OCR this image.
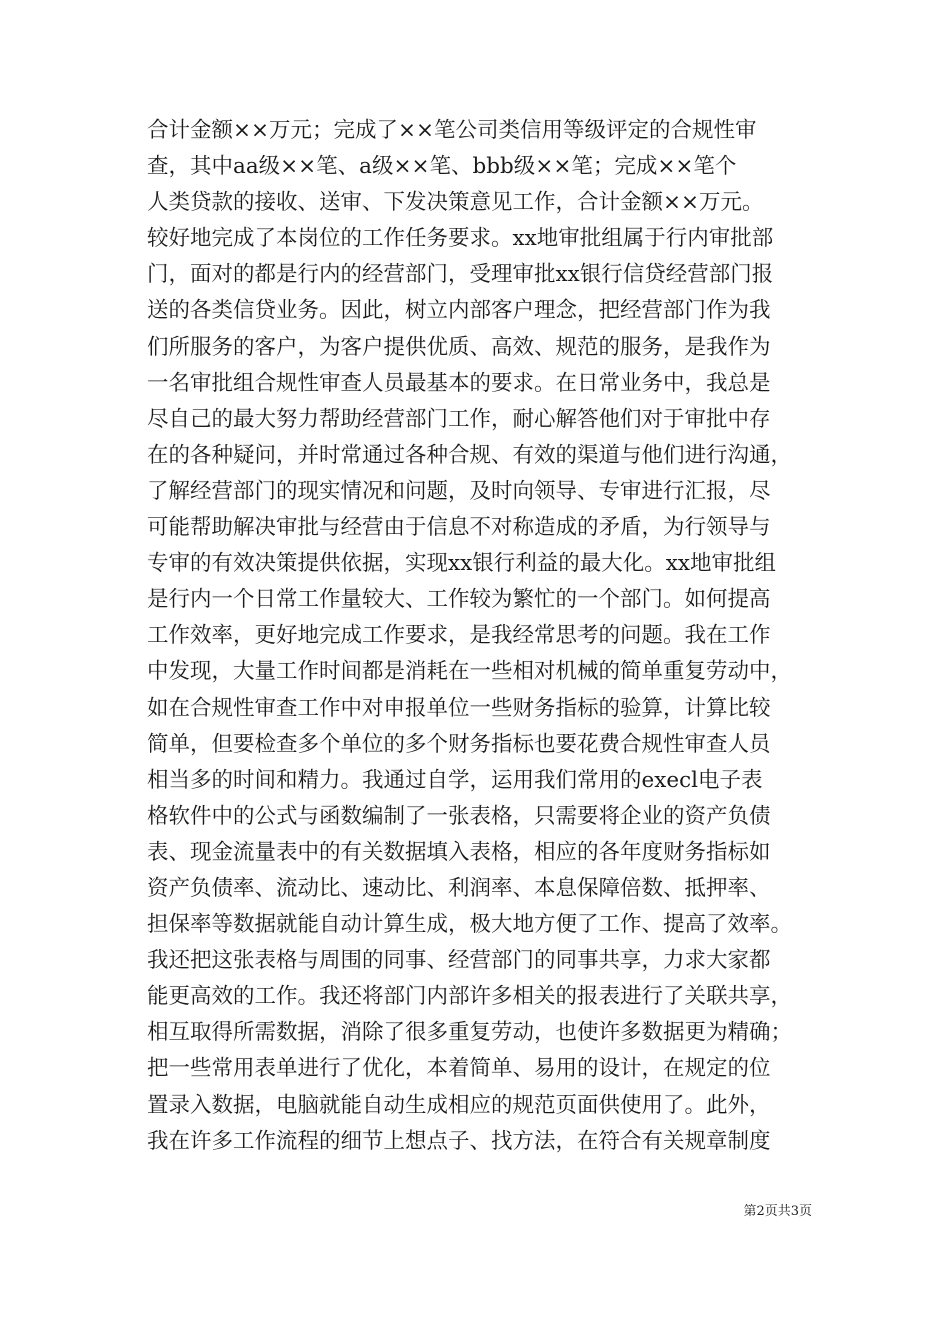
合计金额××万元；完成了××笔公司类信用等级评定的合规性审
查，其中aa级××笔、a级××笔、bbb级××笔；完成××笔个
人类贷款的接收、送审、下发决策意见工作，合计金额××万元。
较好地完成了本岗位的工作任务要求。xx地审批组属于行内审批部
门，面对的都是行内的经营部门，受理审批xx银行信贷经营部门报
送的各类信贷业务。因此，树立内部客户理念，把经营部门作为我
们所服务的客户，为客户提供优质、高效、规范的服务，是我作为
一名审批组合规性审查人员最基本的要求。在日常业务中，我总是
尽自己的最大努力帮助经营部门工作，耐心解答他们对于审批中存
在的各种疑问，并时常通过各种合规、有效的渠道与他们进行沟通，
了解经营部门的现实情况和问题，及时向领导、专审进行汇报，尽
可能帮助解决审批与经营由于信息不对称造成的矛盾，为行领导与
专审的有效决策提供依据，实现xx银行利益的最大化。xx地审批组
是行内一个日常工作量较大、工作较为繁忙的一个部门。如何提高
工作效率，更好地完成工作要求，是我经常思考的问题。我在工作
中发现，大量工作时间都是消耗在一些相对机械的简单重复劳动中，
如在合规性审查工作中对申报单位一些财务指标的验算，计算比较
简单，但要检查多个单位的多个财务指标也要花费合规性审查人员
相当多的时间和精力。我通过自学，运用我们常用的execl电子表
格软件中的公式与函数编制了一张表格，只需要将企业的资产负债
表、现金流量表中的有关数据填入表格，相应的各年度财务指标如
资产负债率、流动比、速动比、利润率、本息保障倍数、抵押率、
担保率等数据就能自动计算生成，极大地方便了工作、提高了效率。
我还把这张表格与周围的同事、经营部门的同事共享，力求大家都
能更高效的工作。我还将部门内部许多相关的报表进行了关联共享，
相互取得所需数据，消除了很多重复劳动，也使许多数据更为精确；
把一些常用表单进行了优化，本着简单、易用的设计，在规定的位
置录入数据，电脑就能自动生成相应的规范页面供使用了。此外，
我在许多工作流程的细节上想点子、找方法，在符合有关规章制度
第2页共3页
